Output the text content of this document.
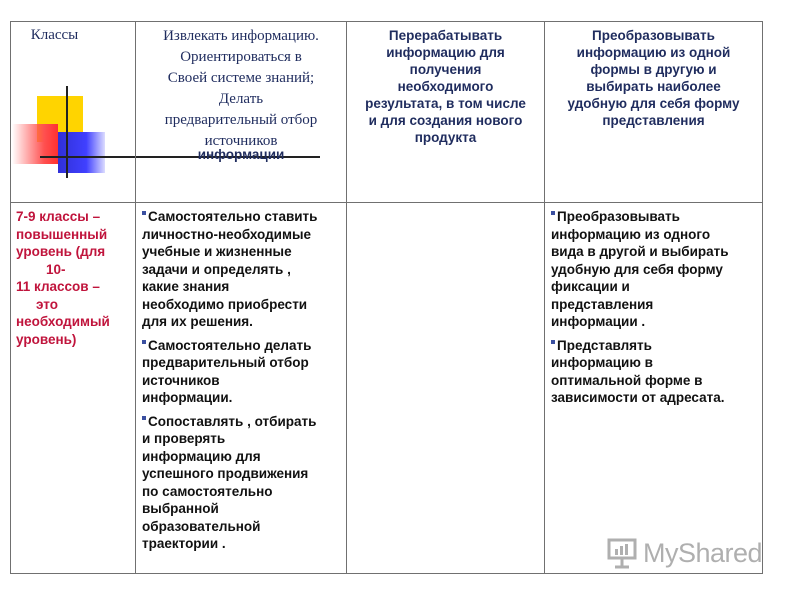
Классы	Извлекать информацию.
Ориентироваться в
Своей системе знаний;
Делать
предварительный отбор
источников
информации
Перерабатывать
информацию для
получения
необходимого
результата, в том числе
и для создания нового
продукта
Преобразовывать
информацию из одной
формы в другую и
выбирать наиболее
удобную для себя форму
представления
7-9 классы –
повышенный
уровень (для
10-
11 классов –
это
необходимый
уровень)
Самостоятельно ставить
личностно-необходимые
учебные и жизненные
задачи и определять ,
какие знания
необходимо приобрести
для их решения.
Самостоятельно делать
предварительный отбор
источников
информации.
Сопоставлять , отбирать
и проверять
информацию для
успешного продвижения
по самостоятельно
выбранной
образовательной
траектории .
Преобразовывать
информацию из одного
вида в другой и выбирать
удобную для себя форму
фиксации и
представления
информации .
Представлять
информацию в
оптимальной форме в
зависимости от адресата.
MyShared
